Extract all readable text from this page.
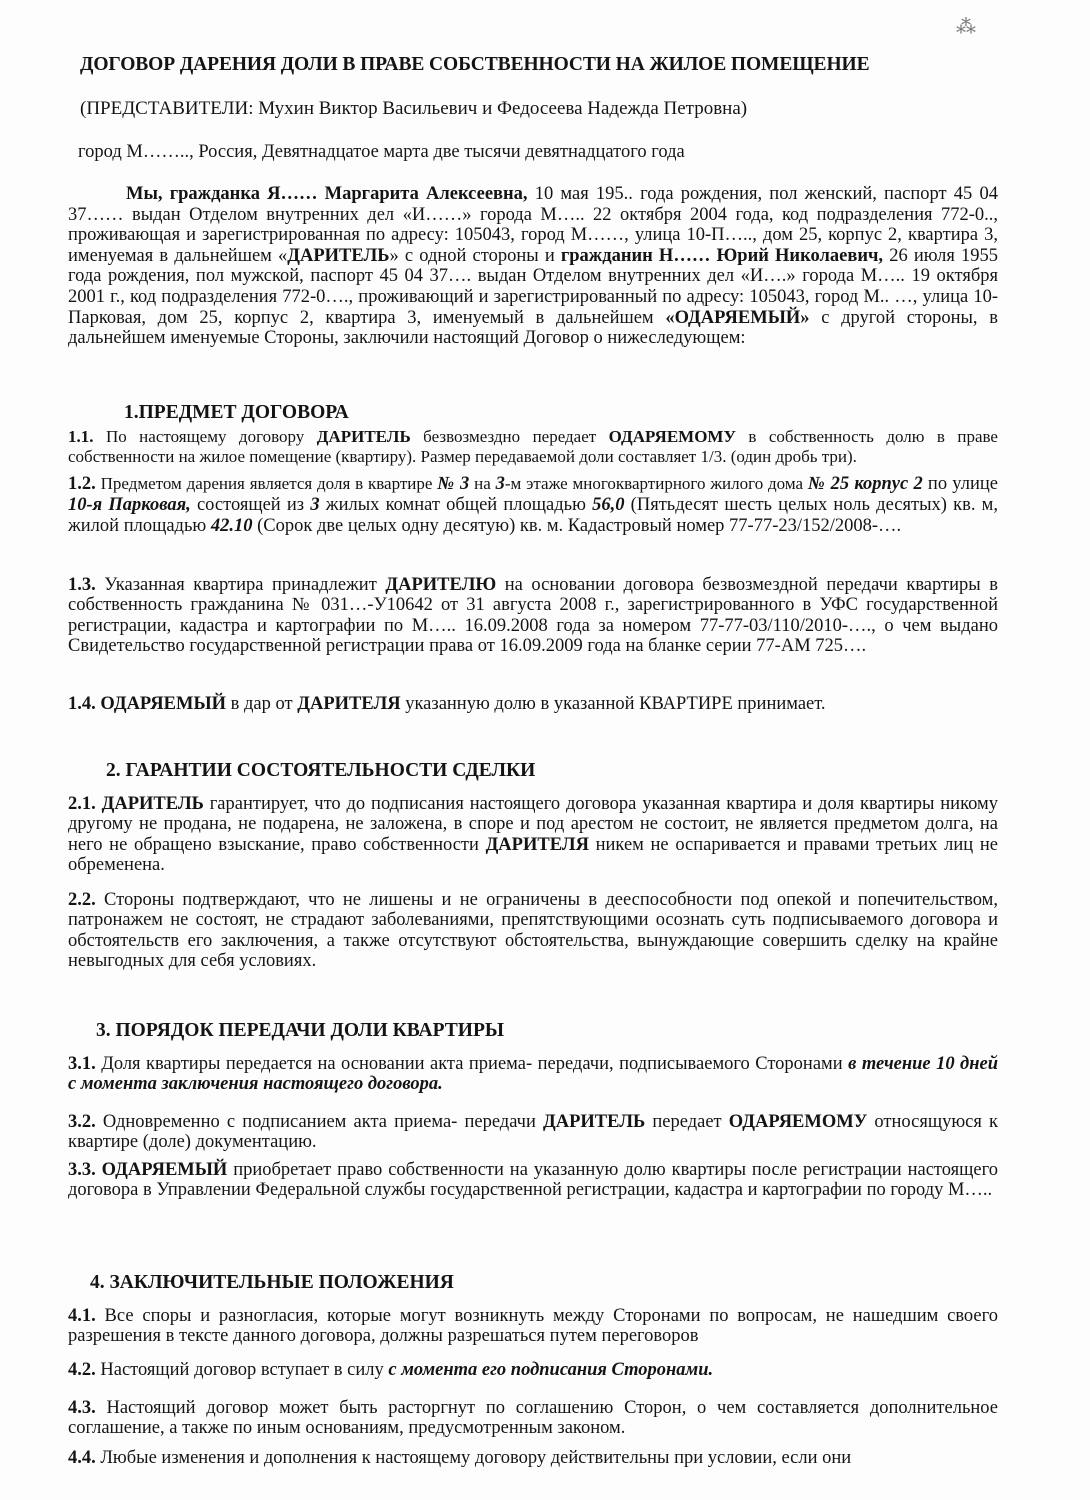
⁂
ДОГОВОР ДАРЕНИЯ ДОЛИ В ПРАВЕ СОБСТВЕННОСТИ НА ЖИЛОЕ ПОМЕЩЕНИЕ
(ПРЕДСТАВИТЕЛИ: Мухин Виктор Васильевич и Федосеева Надежда Петровна)
город М…….., Россия, Девятнадцатое марта две тысячи девятнадцатого года
Мы, гражданка Я…… Маргарита Алексеевна, 10 мая 195.. года рождения, пол женский, паспорт 45 04 37…… выдан Отделом внутренних дел «И……» города М….. 22 октября 2004 года, код подразделения 772-0.., проживающая и зарегистрированная по адресу: 105043, город М……, улица 10-П….., дом 25, корпус 2, квартира 3, именуемая в дальнейшем «ДАРИТЕЛЬ» с одной стороны и гражданин Н…… Юрий Николаевич, 26 июля 1955 года рождения, пол мужской, паспорт 45 04 37…. выдан Отделом внутренних дел «И….» города М….. 19 октября 2001 г., код подразделения 772-0…., проживающий и зарегистрированный по адресу: 105043, город М.. …, улица 10- Парковая, дом 25, корпус 2, квартира 3, именуемый в дальнейшем «ОДАРЯЕМЫЙ» с другой стороны, в дальнейшем именуемые Стороны, заключили настоящий Договор о нижеследующем:
1.ПРЕДМЕТ ДОГОВОРА
1.1. По настоящему договору ДАРИТЕЛЬ безвозмездно передает ОДАРЯЕМОМУ в собственность долю в праве собственности на жилое помещение (квартиру). Размер передаваемой доли составляет 1/3. (один дробь три).
1.2. Предметом дарения является доля в квартире № 3 на 3-м этаже многоквартирного жилого дома № 25 корпус 2 по улице 10-я Парковая, состоящей из 3 жилых комнат общей площадью 56,0 (Пятьдесят шесть целых ноль десятых) кв. м, жилой площадью 42.10 (Сорок две целых одну десятую) кв. м. Кадастровый номер 77-77-23/152/2008-….
1.3. Указанная квартира принадлежит ДАРИТЕЛЮ на основании договора безвозмездной передачи квартиры в собственность гражданина № 031…-У10642 от 31 августа 2008 г., зарегистрированного в УФС государственной регистрации, кадастра и картографии по М….. 16.09.2008 года за номером 77-77-03/110/2010-…., о чем выдано Свидетельство государственной регистрации права от 16.09.2009 года на бланке серии 77-АМ 725….
1.4. ОДАРЯЕМЫЙ в дар от ДАРИТЕЛЯ указанную долю в указанной КВАРТИРЕ принимает.
2. ГАРАНТИИ СОСТОЯТЕЛЬНОСТИ СДЕЛКИ
2.1. ДАРИТЕЛЬ гарантирует, что до подписания настоящего договора указанная квартира и доля квартиры никому другому не продана, не подарена, не заложена, в споре и под арестом не состоит, не является предметом долга, на него не обращено взыскание, право собственности ДАРИТЕЛЯ никем не оспаривается и правами третьих лиц не обременена.
2.2. Стороны подтверждают, что не лишены и не ограничены в дееспособности под опекой и попечительством, патронажем не состоят, не страдают заболеваниями, препятствующими осознать суть подписываемого договора и обстоятельств его заключения, а также отсутствуют обстоятельства, вынуждающие совершить сделку на крайне невыгодных для себя условиях.
3. ПОРЯДОК ПЕРЕДАЧИ ДОЛИ КВАРТИРЫ
3.1. Доля квартиры передается на основании акта приема- передачи, подписываемого Сторонами в течение 10 дней с момента заключения настоящего договора.
3.2. Одновременно с подписанием акта приема- передачи ДАРИТЕЛЬ передает ОДАРЯЕМОМУ относящуюся к квартире (доле) документацию.
3.3. ОДАРЯЕМЫЙ приобретает право собственности на указанную долю квартиры после регистрации настоящего договора в Управлении Федеральной службы государственной регистрации, кадастра и картографии по городу М…..
4. ЗАКЛЮЧИТЕЛЬНЫЕ ПОЛОЖЕНИЯ
4.1. Все споры и разногласия, которые могут возникнуть между Сторонами по вопросам, не нашедшим своего разрешения в тексте данного договора, должны разрешаться путем переговоров
4.2. Настоящий договор вступает в силу с момента его подписания Сторонами.
4.3. Настоящий договор может быть расторгнут по соглашению Сторон, о чем составляется дополнительное соглашение, а также по иным основаниям, предусмотренным законом.
4.4. Любые изменения и дополнения к настоящему договору действительны при условии, если они
